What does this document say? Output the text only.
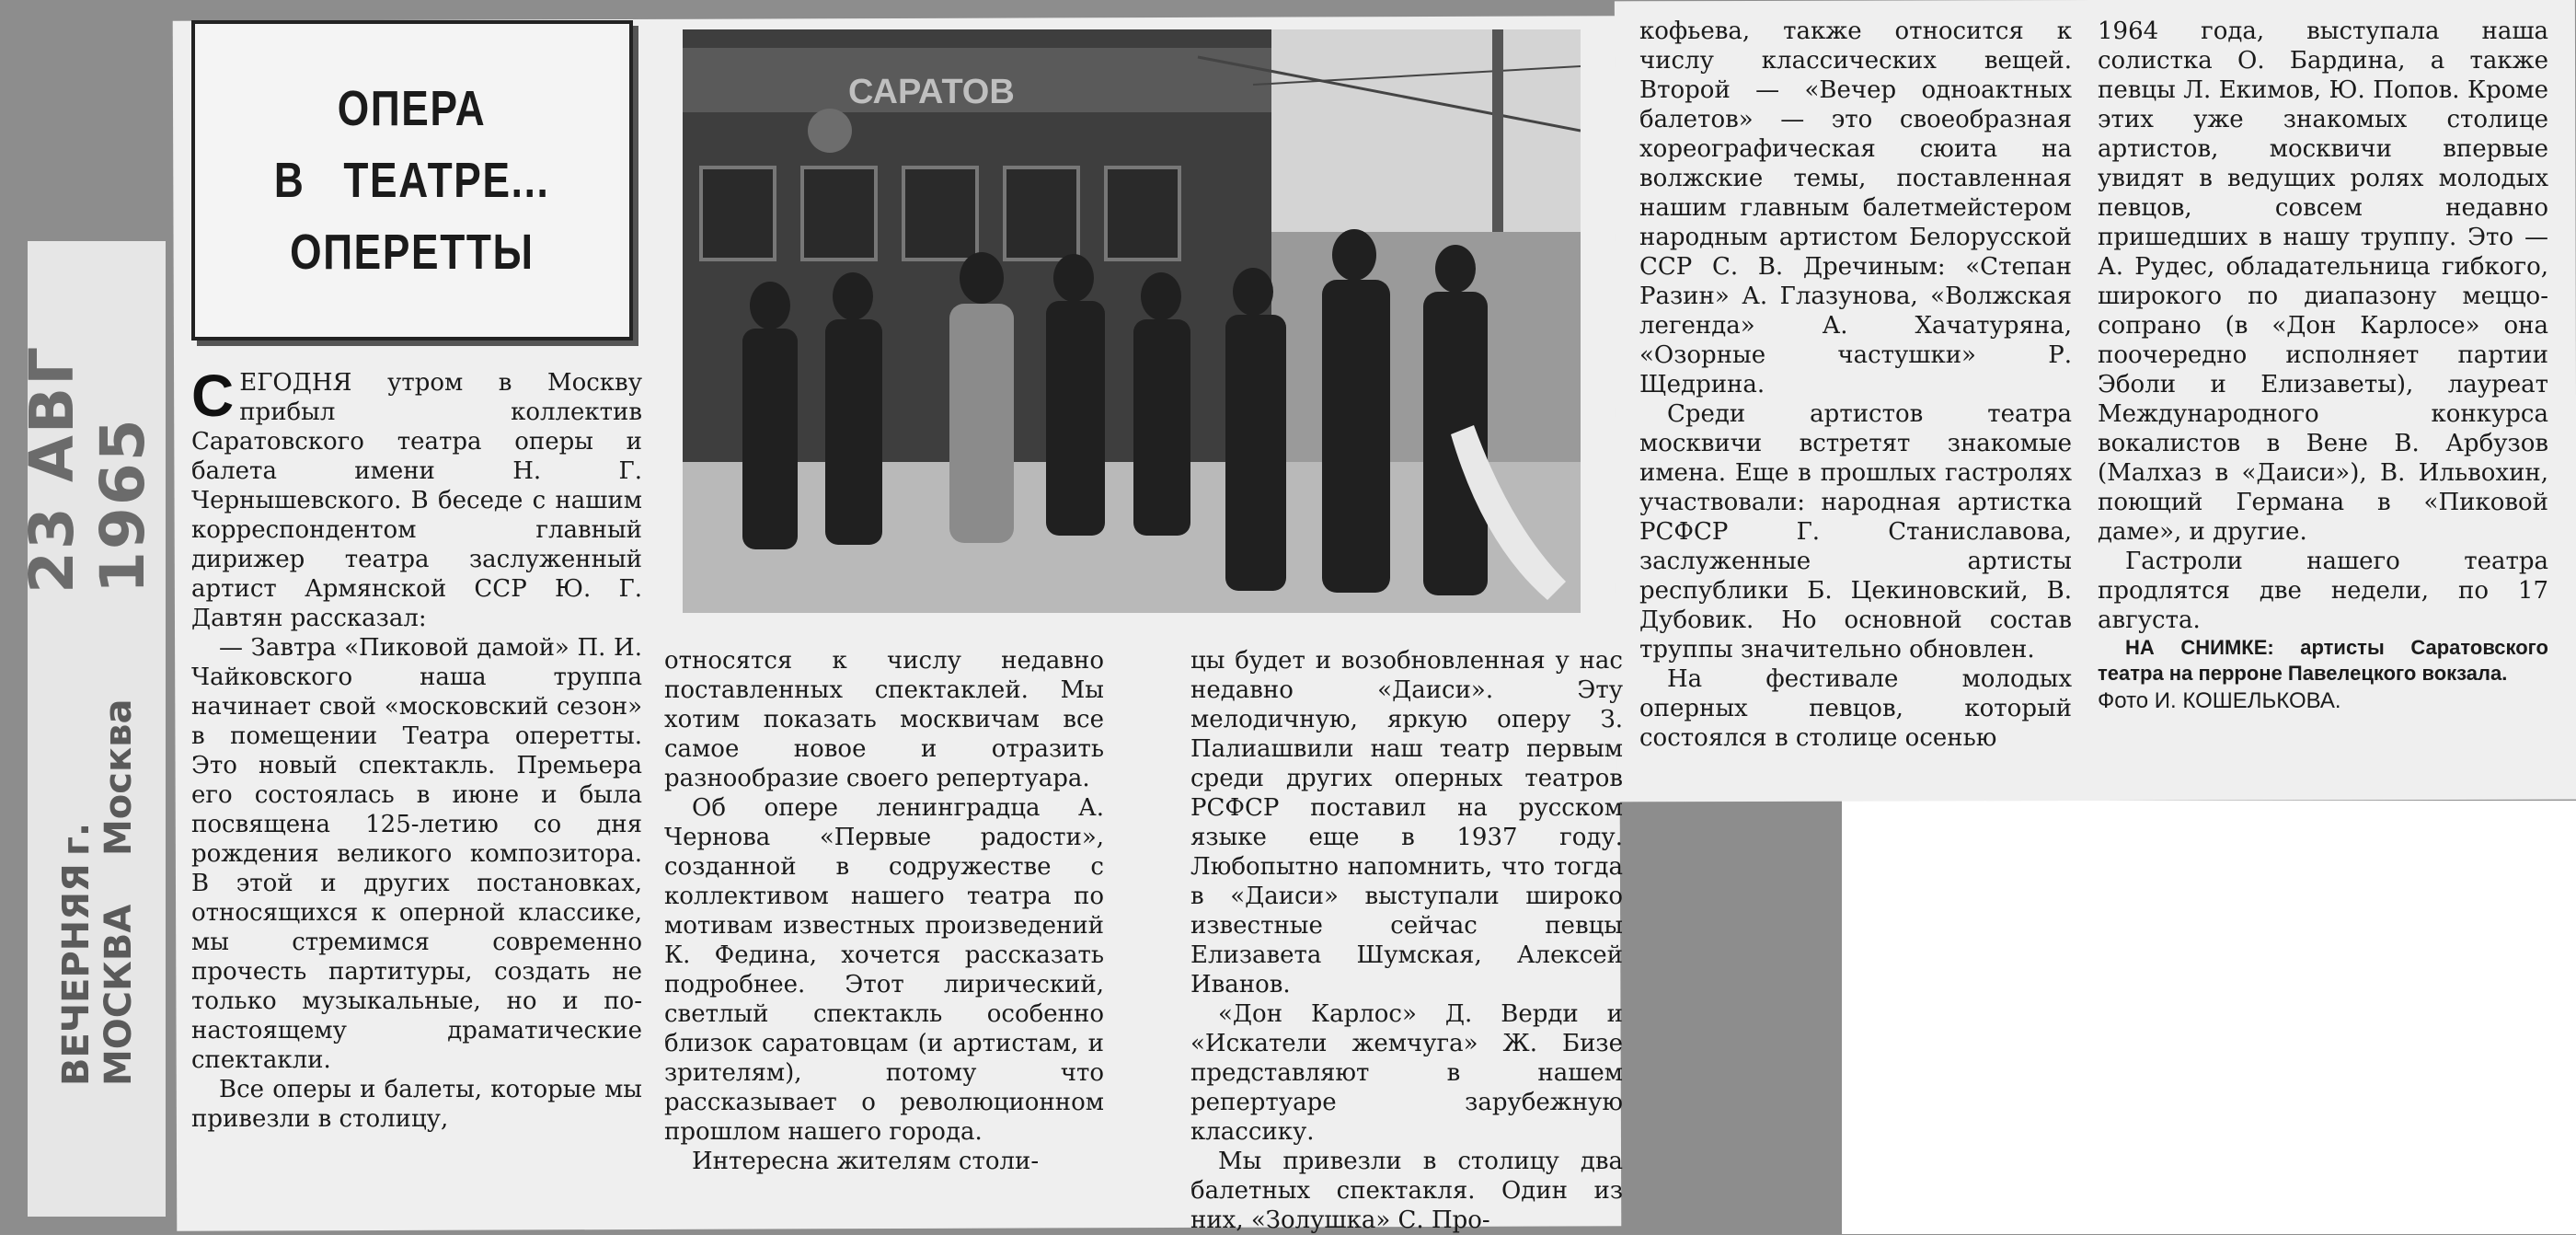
23 АВГ 1965
ВЕЧЕРНЯЯ МОСКВА
г. Москва
ОПЕРА
В   ТЕАТРЕ...
ОПЕРЕТТЫ
САРАТОВ

СЕГОДНЯ утром в Москву прибыл коллектив Саратовского театра оперы и балета имени Н. Г. Чернышевского. В беседе с нашим корреспондентом главный дирижер театра заслуженный артист Армянской ССР Ю. Г. Давтян рассказал:

— Завтра «Пиковой дамой» П. И. Чайковского наша труппа начинает свой «московский сезон» в помещении Театра оперетты. Это новый спектакль. Премьера его состоялась в июне и была посвящена 125-летию со дня рождения великого композитора. В этой и других постановках, относящихся к оперной классике, мы стремимся современно прочесть партитуры, создать не только музыкальные, но и по-настоящему драматические спектакли.

Все оперы и балеты, которые мы привезли в столицу,

относятся к числу недавно поставленных спектаклей. Мы хотим показать москвичам все самое новое и отразить разнообразие своего репертуара.

Об опере ленинградца А. Чернова «Первые радости», созданной в содружестве с коллективом нашего театра по мотивам известных произведений К. Федина, хочется рассказать подробнее. Этот лирический, светлый спектакль особенно близок саратовцам (и артистам, и зрителям), потому что рассказывает о революционном прошлом нашего города.

Интересна жителям столи-

цы будет и возобновленная у нас недавно «Даиси». Эту мелодичную, яркую оперу З. Палиашвили наш театр первым среди других оперных театров РСФСР поставил на русском языке еще в 1937 году. Любопытно напомнить, что тогда в «Даиси» выступали широко известные сейчас певцы Елизавета Шумская, Алексей Иванов.

«Дон Карлос» Д. Верди и «Искатели жемчуга» Ж. Бизе представляют в нашем репертуаре зарубежную классику.

Мы привезли в столицу два балетных спектакля. Один из них, «Золушка» С. Про-

кофьева, также относится к числу классических вещей. Второй — «Вечер одноактных балетов» — это своеобразная хореографическая сюита на волжские темы, поставленная нашим главным балетмейстером народным артистом Белорусской ССР С. В. Дречиным: «Степан Разин» А. Глазунова, «Волжская легенда» А. Хачатуряна, «Озорные частушки» Р. Щедрина.

Среди артистов театра москвичи встретят знакомые имена. Еще в прошлых гастролях участвовали: народная артистка РСФСР Г. Станиславова, заслуженные артисты республики Б. Цекиновский, В. Дубовик. Но основной состав труппы значительно обновлен.

На фестивале молодых оперных певцов, который состоялся в столице осенью

1964 года, выступала наша солистка О. Бардина, а также певцы Л. Екимов, Ю. Попов. Кроме этих уже знакомых столице артистов, москвичи впервые увидят в ведущих ролях молодых певцов, совсем недавно пришедших в нашу труппу. Это — А. Рудес, обладательница гибкого, широкого по диапазону меццо-сопрано (в «Дон Карлосе» она поочередно исполняет партии Эболи и Елизаветы), лауреат Международного конкурса вокалистов в Вене В. Арбузов (Малхаз в «Даиси»), В. Ильвохин, поющий Германа в «Пиковой даме», и другие.

Гастроли нашего театра продлятся две недели, по 17 августа.

НА СНИМКЕ: артисты Саратовского театра на перроне Павелецкого вокзала.

Фото И. КОШЕЛЬКОВА.
